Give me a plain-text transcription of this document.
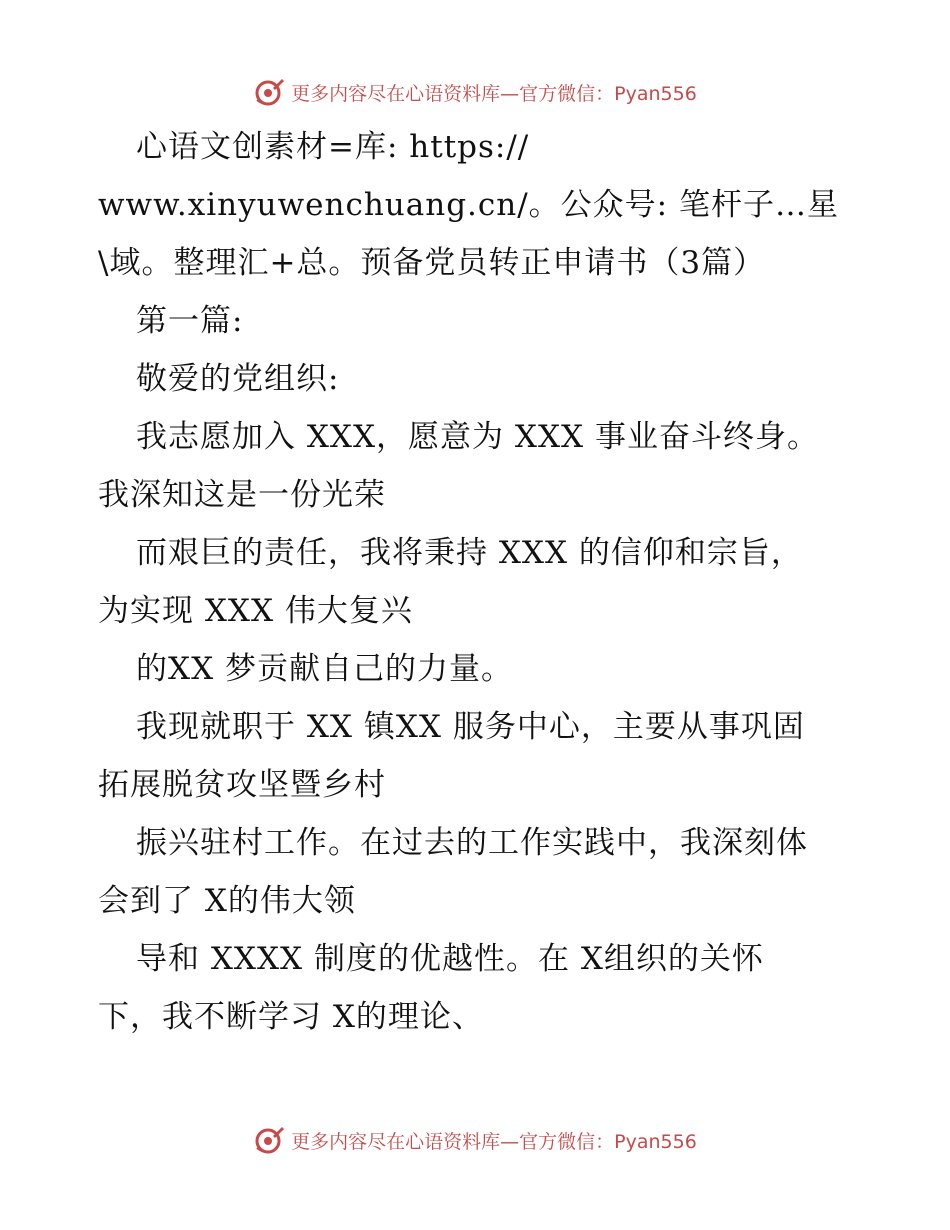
更多内容尽在心语资料库—官方微信：Pyan556
心语文创素材=库: https://
www.xinyuwenchuang.cn/。公众号: 笔杆子…星
\域。整理汇+总。预备党员转正申请书（3篇）
第一篇:
敬爱的党组织:
我志愿加入 XXX，愿意为 XXX 事业奋斗终身。
我深知这是一份光荣
而艰巨的责任，我将秉持 XXX 的信仰和宗旨，
为实现 XXX 伟大复兴
的XX 梦贡献自己的力量。
我现就职于 XX 镇XX 服务中心，主要从事巩固
拓展脱贫攻坚暨乡村
振兴驻村工作。在过去的工作实践中，我深刻体
会到了 X的伟大领
导和 XXXX 制度的优越性。在 X组织的关怀
下，我不断学习 X的理论、
更多内容尽在心语资料库—官方微信：Pyan556
